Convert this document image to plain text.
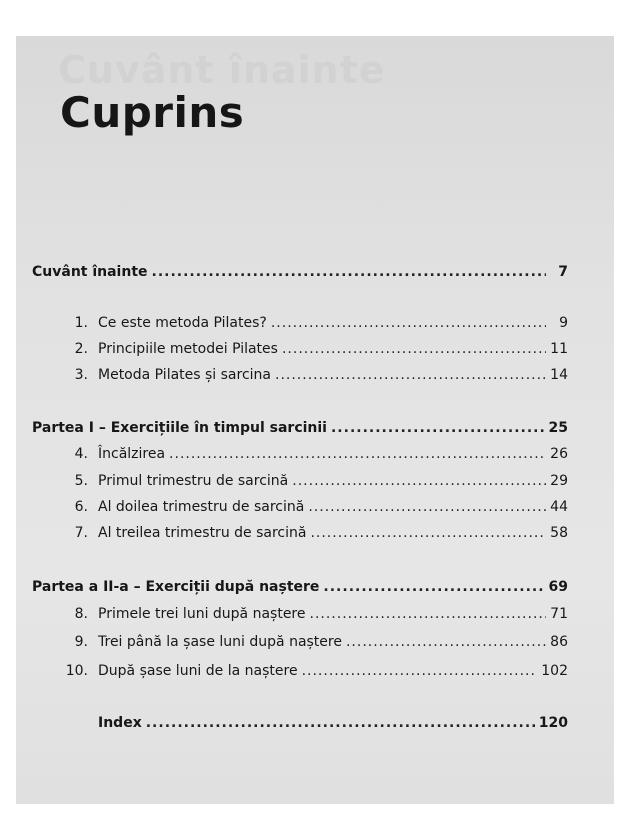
Cuvânt înainte
Cuprins
Cuvânt înainte .....	7
1. Ce este metoda Pilates? .....	9
2. Principiile metodei Pilates .....	11
3. Metoda Pilates și sarcina .....	14
Partea I – Exercițiile în timpul sarcinii .....	25
4. Încălzirea .....	26
5. Primul trimestru de sarcină .....	29
6. Al doilea trimestru de sarcină .....	44
7. Al treilea trimestru de sarcină .....	58
Partea a II-a – Exerciții după naștere .....	69
8. Primele trei luni după naștere .....	71
9. Trei până la șase luni după naștere .....	86
10. După șase luni de la naștere .....	102
Index .....	120
